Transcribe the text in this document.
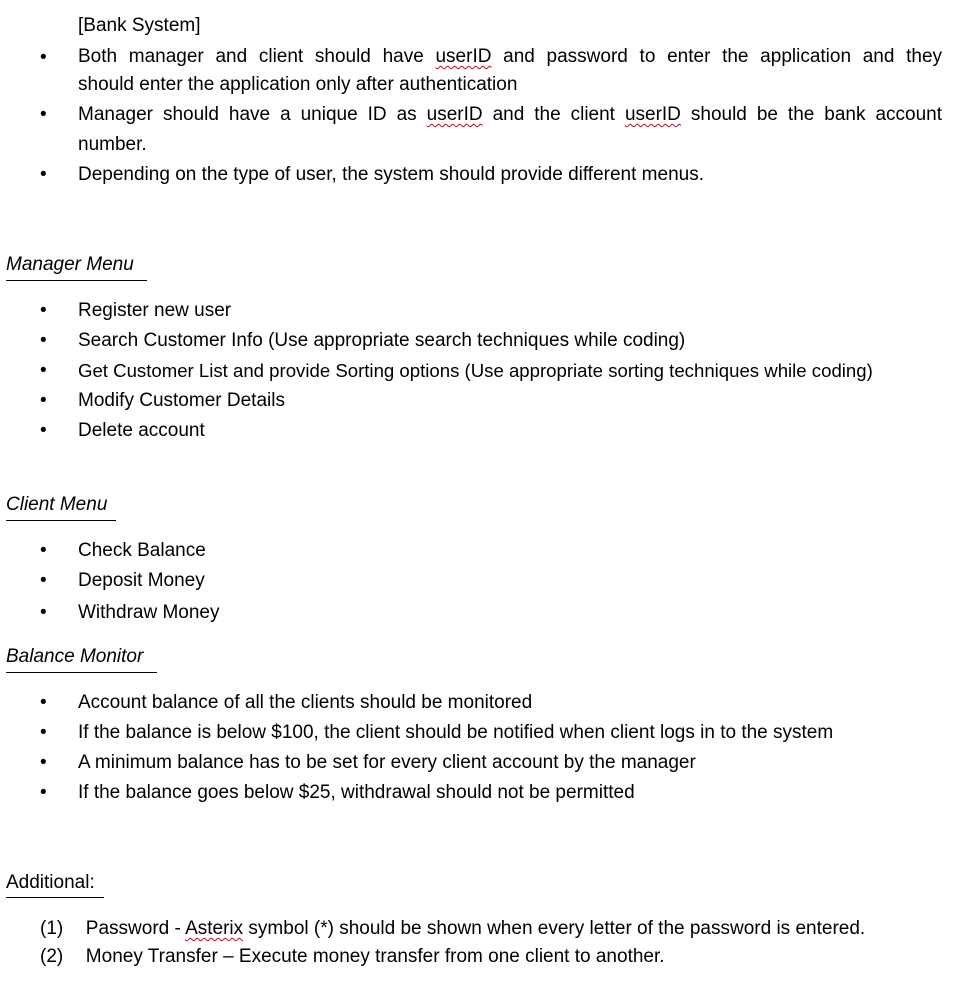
[Bank System]
• Both manager and client should have userID and password to enter the application and they
should enter the application only after authentication
• Manager should have a unique ID as userID and the client userID should be the bank account
number.
• Depending on the type of user, the system should provide different menus.
Manager Menu
• Register new user
• Search Customer Info (Use appropriate search techniques while coding)
• Get Customer List and provide Sorting options (Use appropriate sorting techniques while coding)
• Modify Customer Details
• Delete account
Client Menu
• Check Balance
• Deposit Money
• Withdraw Money
Balance Monitor
• Account balance of all the clients should be monitored
• If the balance is below $100, the client should be notified when client logs in to the system
• A minimum balance has to be set for every client account by the manager
• If the balance goes below $25, withdrawal should not be permitted
Additional:
(1) Password - Asterix symbol (*) should be shown when every letter of the password is entered.
(2) Money Transfer – Execute money transfer from one client to another.
